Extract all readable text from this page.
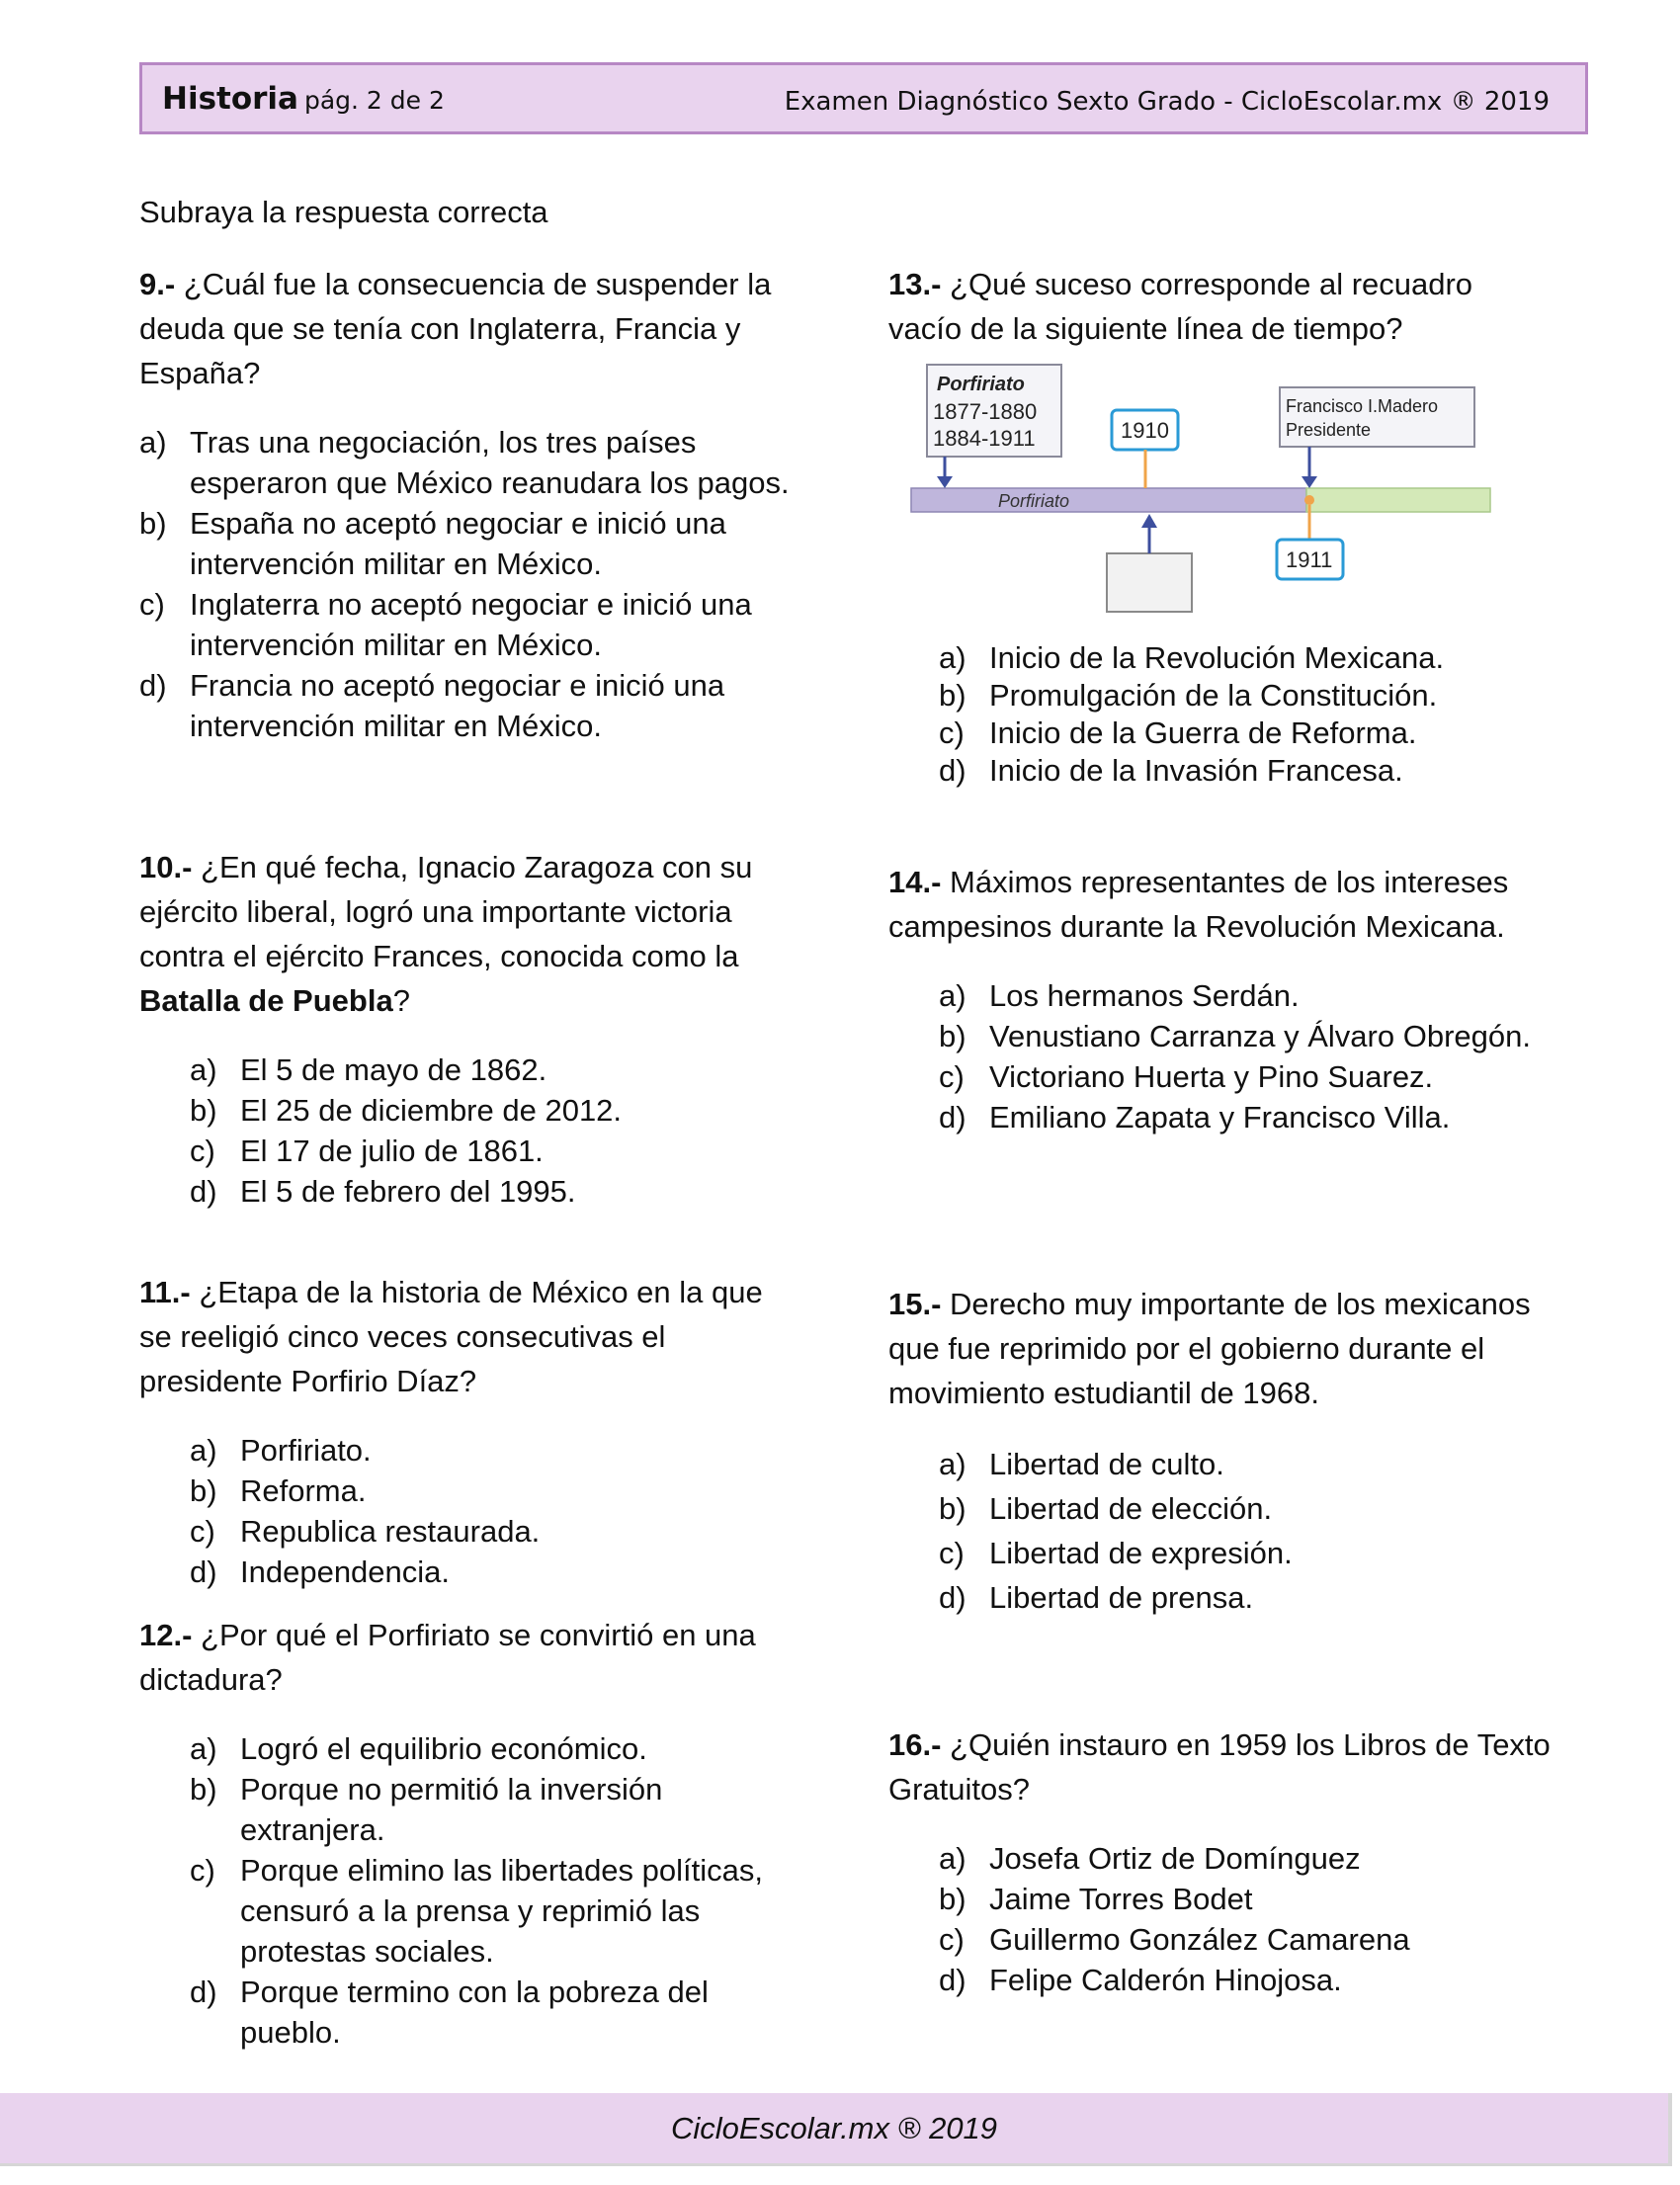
Historia pág. 2 de 2	Examen Diagnóstico Sexto Grado - CicloEscolar.mx ® 2019
Subraya la respuesta correcta

9.- ¿Cuál fue la consecuencia de suspender la deuda que se tenía con Inglaterra, Francia y España?

a) Tras una negociación, los tres países esperaron que México reanudara los pagos.
b) España no aceptó negociar e inició una intervención militar en México.
c) Inglaterra no aceptó negociar e inició una intervención militar en México.
d) Francia no aceptó negociar e inició una intervención militar en México.

10.- ¿En qué fecha, Ignacio Zaragoza con su ejército liberal, logró una importante victoria contra el ejército Frances, conocida como la Batalla de Puebla?

a) El 5 de mayo de 1862.
b) El 25 de diciembre de 2012.
c) El 17 de julio de 1861.
d) El 5 de febrero del 1995.

11.- ¿Etapa de la historia de México en la que se reeligió cinco veces consecutivas el presidente Porfirio Díaz?

a) Porfiriato.
b) Reforma.
c) Republica restaurada.
d) Independencia.

12.- ¿Por qué el Porfiriato se convirtió en una dictadura?

a) Logró el equilibrio económico.
b) Porque no permitió la inversión extranjera.
c) Porque elimino las libertades políticas, censuró a la prensa y reprimió las protestas sociales.
d) Porque termino con la pobreza del pueblo.

13.- ¿Qué suceso corresponde al recuadro vacío de la siguiente línea de tiempo?

Porfiriato
Porfiriato
1877-1880
1884-1911	1910
Francisco I.Madero
Presidente
1911
a) Inicio de la Revolución Mexicana.
b) Promulgación de la Constitución.
c) Inicio de la Guerra de Reforma.
d) Inicio de la Invasión Francesa.

14.- Máximos representantes de los intereses campesinos durante la Revolución Mexicana.

a) Los hermanos Serdán.
b) Venustiano Carranza y Álvaro Obregón.
c) Victoriano Huerta y Pino Suarez.
d) Emiliano Zapata y Francisco Villa.

15.- Derecho muy importante de los mexicanos que fue reprimido por el gobierno durante el movimiento estudiantil de 1968.

a) Libertad de culto.
b) Libertad de elección.
c) Libertad de expresión.
d) Libertad de prensa.

16.- ¿Quién instauro en 1959 los Libros de Texto Gratuitos?

a) Josefa Ortiz de Domínguez
b) Jaime Torres Bodet
c) Guillermo González Camarena
d) Felipe Calderón Hinojosa.
CicloEscolar.mx ® 2019
